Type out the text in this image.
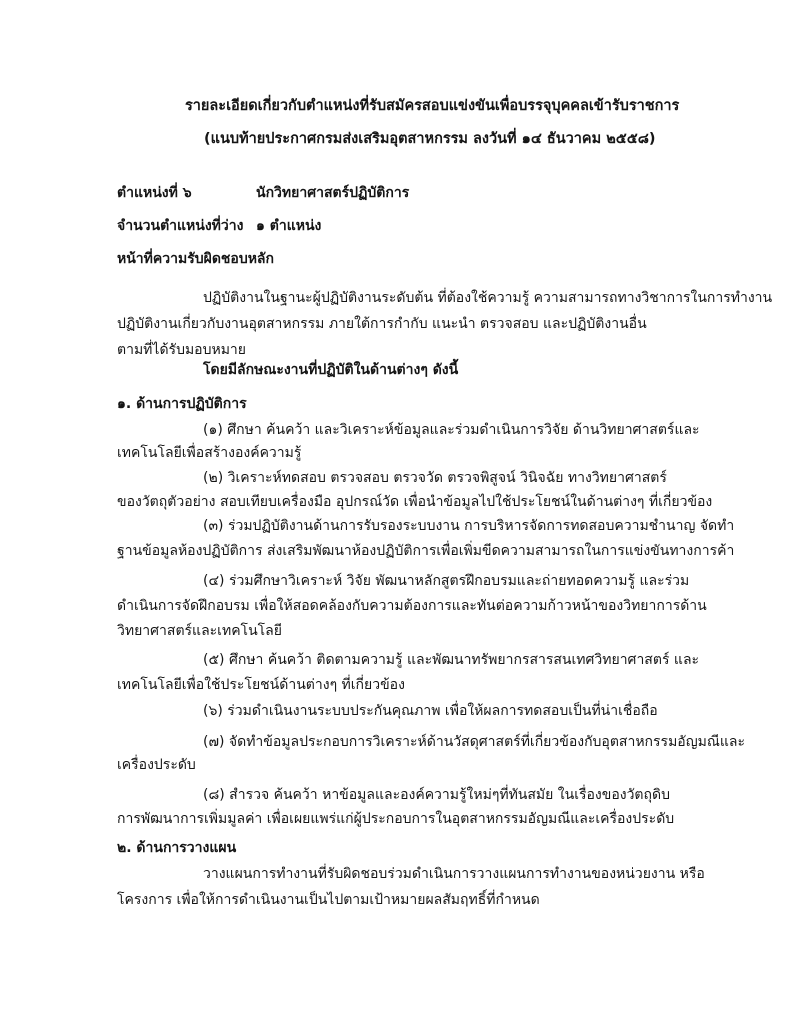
รายละเอียดเกี่ยวกับตำแหน่งที่รับสมัครสอบแข่งขันเพื่อบรรจุบุคคลเข้ารับราชการ
(แนบท้ายประกาศกรมส่งเสริมอุตสาหกรรม ลงวันที่ ๑๔ ธันวาคม ๒๕๕๘)
ตำแหน่งที่ ๖	นักวิทยาศาสตร์ปฏิบัติการ
จำนวนตำแหน่งที่ว่าง ๑ ตำแหน่ง
หน้าที่ความรับผิดชอบหลัก
ปฏิบัติงานในฐานะผู้ปฏิบัติงานระดับต้น ที่ต้องใช้ความรู้ ความสามารถทางวิชาการในการทำงาน
ปฏิบัติงานเกี่ยวกับงานอุตสาหกรรม ภายใต้การกำกับ แนะนำ ตรวจสอบ และปฏิบัติงานอื่น
ตามที่ได้รับมอบหมาย
โดยมีลักษณะงานที่ปฏิบัติในด้านต่างๆ ดังนี้
๑. ด้านการปฏิบัติการ
(๑) ศึกษา ค้นคว้า และวิเคราะห์ข้อมูลและร่วมดำเนินการวิจัย ด้านวิทยาศาสตร์และ
เทคโนโลยีเพื่อสร้างองค์ความรู้
(๒) วิเคราะห์ทดสอบ ตรวจสอบ ตรวจวัด ตรวจพิสูจน์ วินิจฉัย ทางวิทยาศาสตร์
ของวัตถุตัวอย่าง สอบเทียบเครื่องมือ อุปกรณ์วัด เพื่อนำข้อมูลไปใช้ประโยชน์ในด้านต่างๆ ที่เกี่ยวข้อง
(๓) ร่วมปฏิบัติงานด้านการรับรองระบบงาน การบริหารจัดการทดสอบความชำนาญ จัดทำ
ฐานข้อมูลห้องปฏิบัติการ ส่งเสริมพัฒนาห้องปฏิบัติการเพื่อเพิ่มขีดความสามารถในการแข่งขันทางการค้า
(๔) ร่วมศึกษาวิเคราะห์ วิจัย พัฒนาหลักสูตรฝึกอบรมและถ่ายทอดความรู้ และร่วม
ดำเนินการจัดฝึกอบรม เพื่อให้สอดคล้องกับความต้องการและทันต่อความก้าวหน้าของวิทยาการด้าน
วิทยาศาสตร์และเทคโนโลยี
(๕) ศึกษา ค้นคว้า ติดตามความรู้ และพัฒนาทรัพยากรสารสนเทศวิทยาศาสตร์ และ
เทคโนโลยีเพื่อใช้ประโยชน์ด้านต่างๆ ที่เกี่ยวข้อง
(๖) ร่วมดำเนินงานระบบประกันคุณภาพ เพื่อให้ผลการทดสอบเป็นที่น่าเชื่อถือ
(๗) จัดทำข้อมูลประกอบการวิเคราะห์ด้านวัสดุศาสตร์ที่เกี่ยวข้องกับอุตสาหกรรมอัญมณีและ
เครื่องประดับ
(๘) สำรวจ ค้นคว้า หาข้อมูลและองค์ความรู้ใหม่ๆที่ทันสมัย ในเรื่องของวัตถุดิบ
การพัฒนาการเพิ่มมูลค่า เพื่อเผยแพร่แก่ผู้ประกอบการในอุตสาหกรรมอัญมณีและเครื่องประดับ
๒. ด้านการวางแผน
วางแผนการทำงานที่รับผิดชอบร่วมดำเนินการวางแผนการทำงานของหน่วยงาน หรือ
โครงการ เพื่อให้การดำเนินงานเป็นไปตามเป้าหมายผลสัมฤทธิ์ที่กำหนด
